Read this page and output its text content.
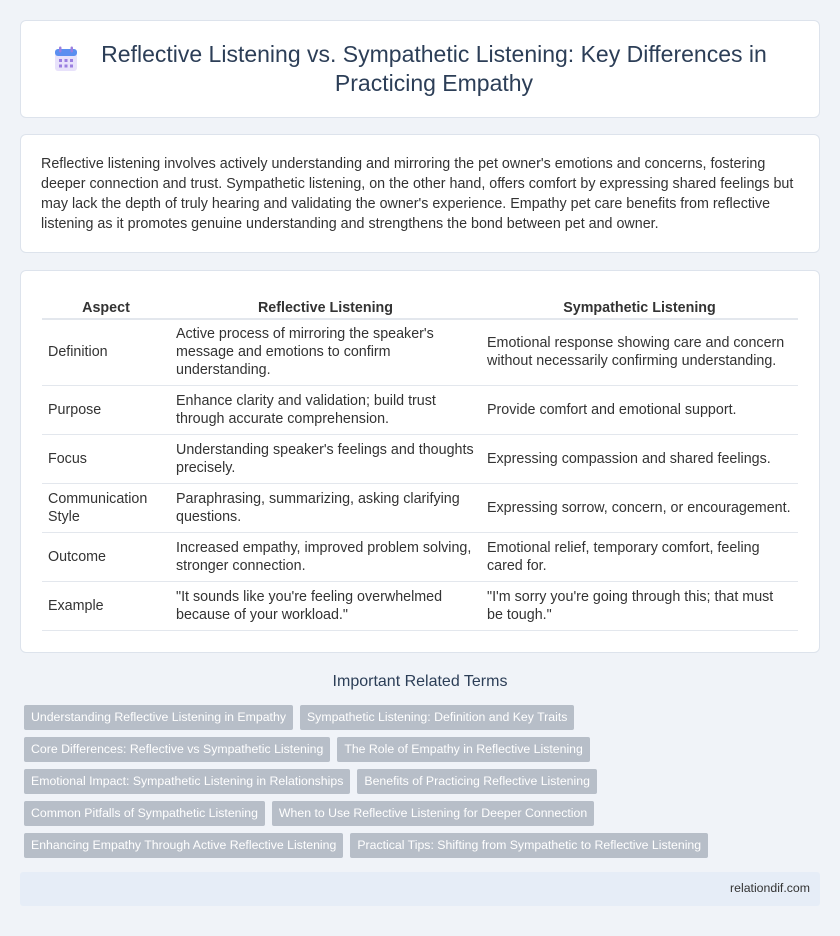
Reflective Listening vs. Sympathetic Listening: Key Differences in Practicing Empathy

Reflective listening involves actively understanding and mirroring the pet owner's emotions and concerns, fostering deeper connection and trust. Sympathetic listening, on the other hand, offers comfort by expressing shared feelings but may lack the depth of truly hearing and validating the owner's experience. Empathy pet care benefits from reflective listening as it promotes genuine understanding and strengthens the bond between pet and owner.

Aspect	Reflective Listening	Sympathetic Listening
Definition	Active process of mirroring the speaker's message and emotions to confirm understanding.	Emotional response showing care and concern without necessarily confirming understanding.
Purpose	Enhance clarity and validation; build trust through accurate comprehension.	Provide comfort and emotional support.
Focus	Understanding speaker's feelings and thoughts precisely.	Expressing compassion and shared feelings.
Communication Style	Paraphrasing, summarizing, asking clarifying questions.	Expressing sorrow, concern, or encouragement.
Outcome	Increased empathy, improved problem solving, stronger connection.	Emotional relief, temporary comfort, feeling cared for.
Example	"It sounds like you're feeling overwhelmed because of your workload."	"I'm sorry you're going through this; that must be tough."
Important Related Terms
Understanding Reflective Listening in Empathy	Sympathetic Listening: Definition and Key Traits
Core Differences: Reflective vs Sympathetic Listening	The Role of Empathy in Reflective Listening
Emotional Impact: Sympathetic Listening in Relationships	Benefits of Practicing Reflective Listening
Common Pitfalls of Sympathetic Listening	When to Use Reflective Listening for Deeper Connection
Enhancing Empathy Through Active Reflective Listening	Practical Tips: Shifting from Sympathetic to Reflective Listening
relationdif.com
